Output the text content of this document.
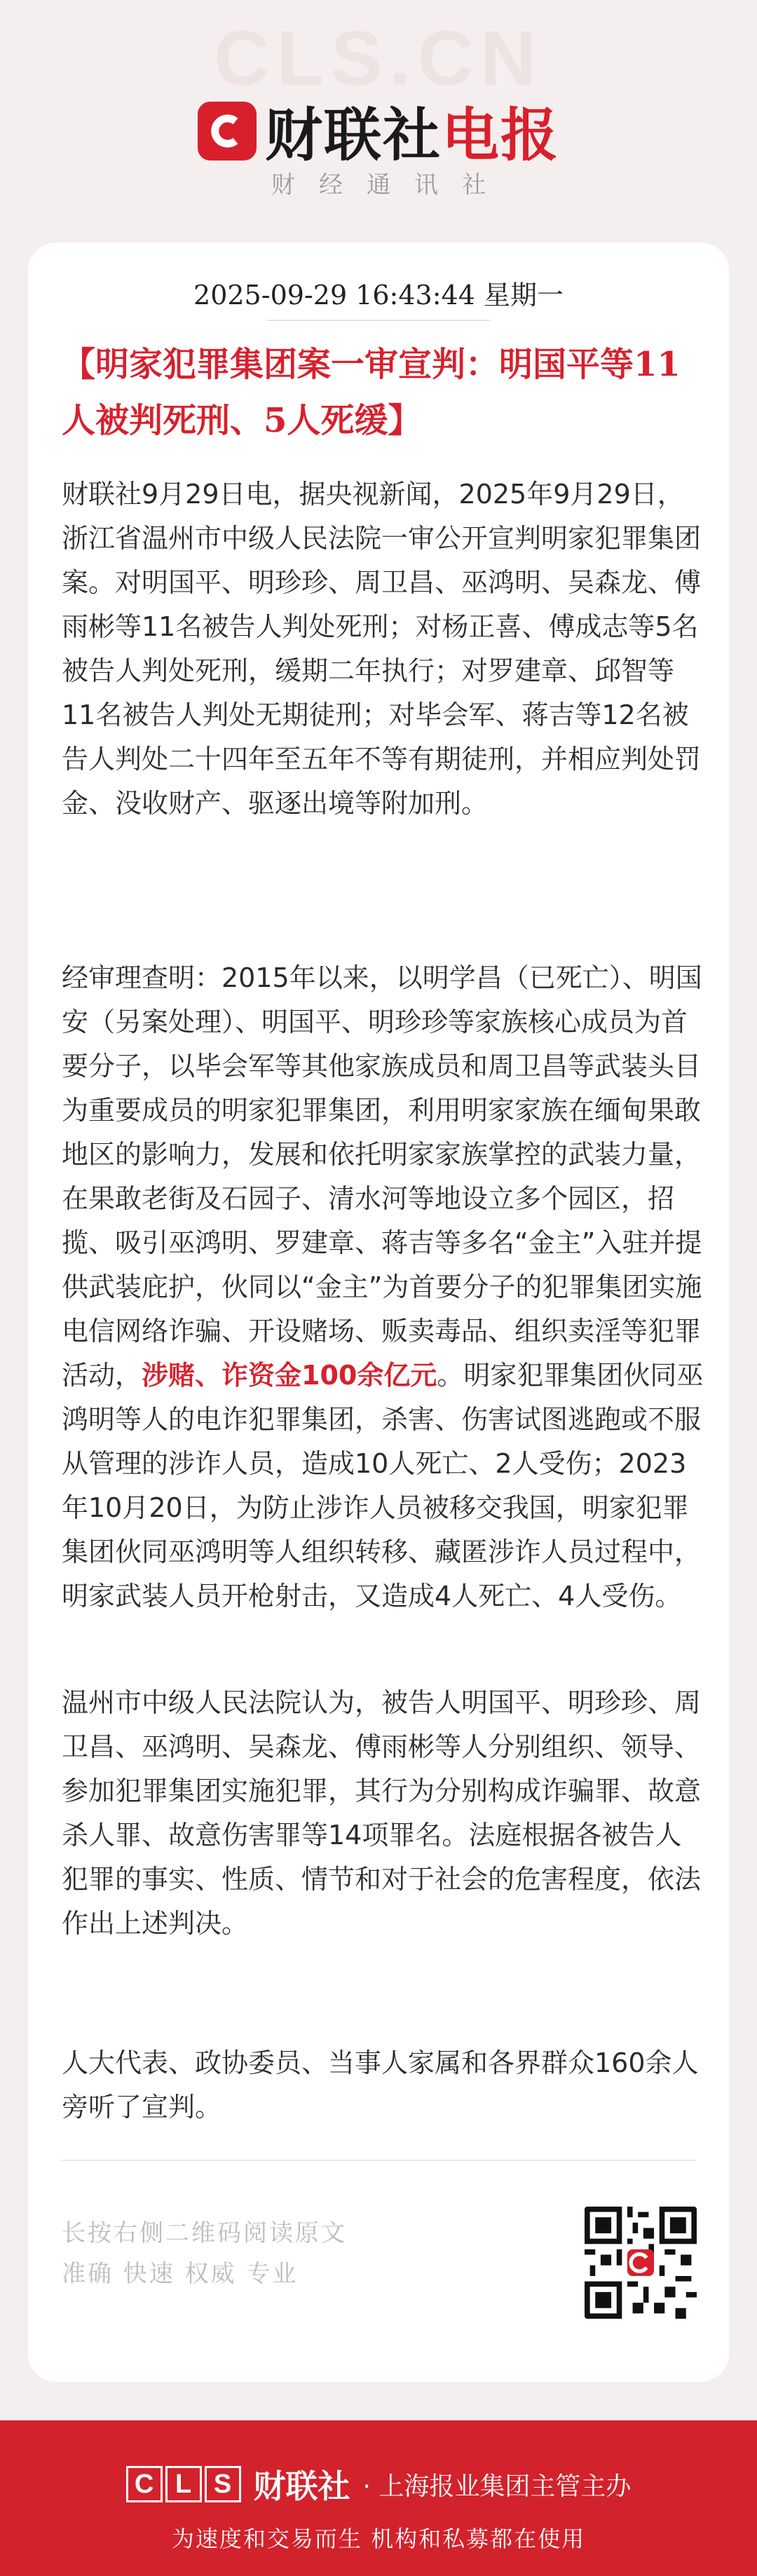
CLS.CN
财联社电报
财经通讯社
2025-09-29 16:43:44 星期一
【明家犯罪集团案一审宣判：明国平等11人被判死刑、5人死缓】
财联社9月29日电，据央视新闻，2025年9月29日，浙江省温州市中级人民法院一审公开宣判明家犯罪集团案。对明国平、明珍珍、周卫昌、巫鸿明、吴森龙、傅雨彬等11名被告人判处死刑；对杨正喜、傅成志等5名被告人判处死刑，缓期二年执行；对罗建章、邱智等11名被告人判处无期徒刑；对毕会军、蒋吉等12名被告人判处二十四年至五年不等有期徒刑，并相应判处罚金、没收财产、驱逐出境等附加刑。
经审理查明：2015年以来，以明学昌（已死亡）、明国安（另案处理）、明国平、明珍珍等家族核心成员为首要分子，以毕会军等其他家族成员和周卫昌等武装头目为重要成员的明家犯罪集团，利用明家家族在缅甸果敢地区的影响力，发展和依托明家家族掌控的武装力量，在果敢老街及石园子、清水河等地设立多个园区，招揽、吸引巫鸿明、罗建章、蒋吉等多名“金主”入驻并提供武装庇护，伙同以“金主”为首要分子的犯罪集团实施电信网络诈骗、开设赌场、贩卖毒品、组织卖淫等犯罪活动，涉赌、诈资金100余亿元。明家犯罪集团伙同巫鸿明等人的电诈犯罪集团，杀害、伤害试图逃跑或不服从管理的涉诈人员，造成10人死亡、2人受伤；2023年10月20日，为防止涉诈人员被移交我国，明家犯罪集团伙同巫鸿明等人组织转移、藏匿涉诈人员过程中，明家武装人员开枪射击，又造成4人死亡、4人受伤。
温州市中级人民法院认为，被告人明国平、明珍珍、周卫昌、巫鸿明、吴森龙、傅雨彬等人分别组织、领导、参加犯罪集团实施犯罪，其行为分别构成诈骗罪、故意杀人罪、故意伤害罪等14项罪名。法庭根据各被告人犯罪的事实、性质、情节和对于社会的危害程度，依法作出上述判决。
人大代表、政协委员、当事人家属和各界群众160余人旁听了宣判。
长按右侧二维码阅读原文
准确 快速 权威 专业
C L S 财联社 · 上海报业集团主管主办
为速度和交易而生 机构和私募都在使用
